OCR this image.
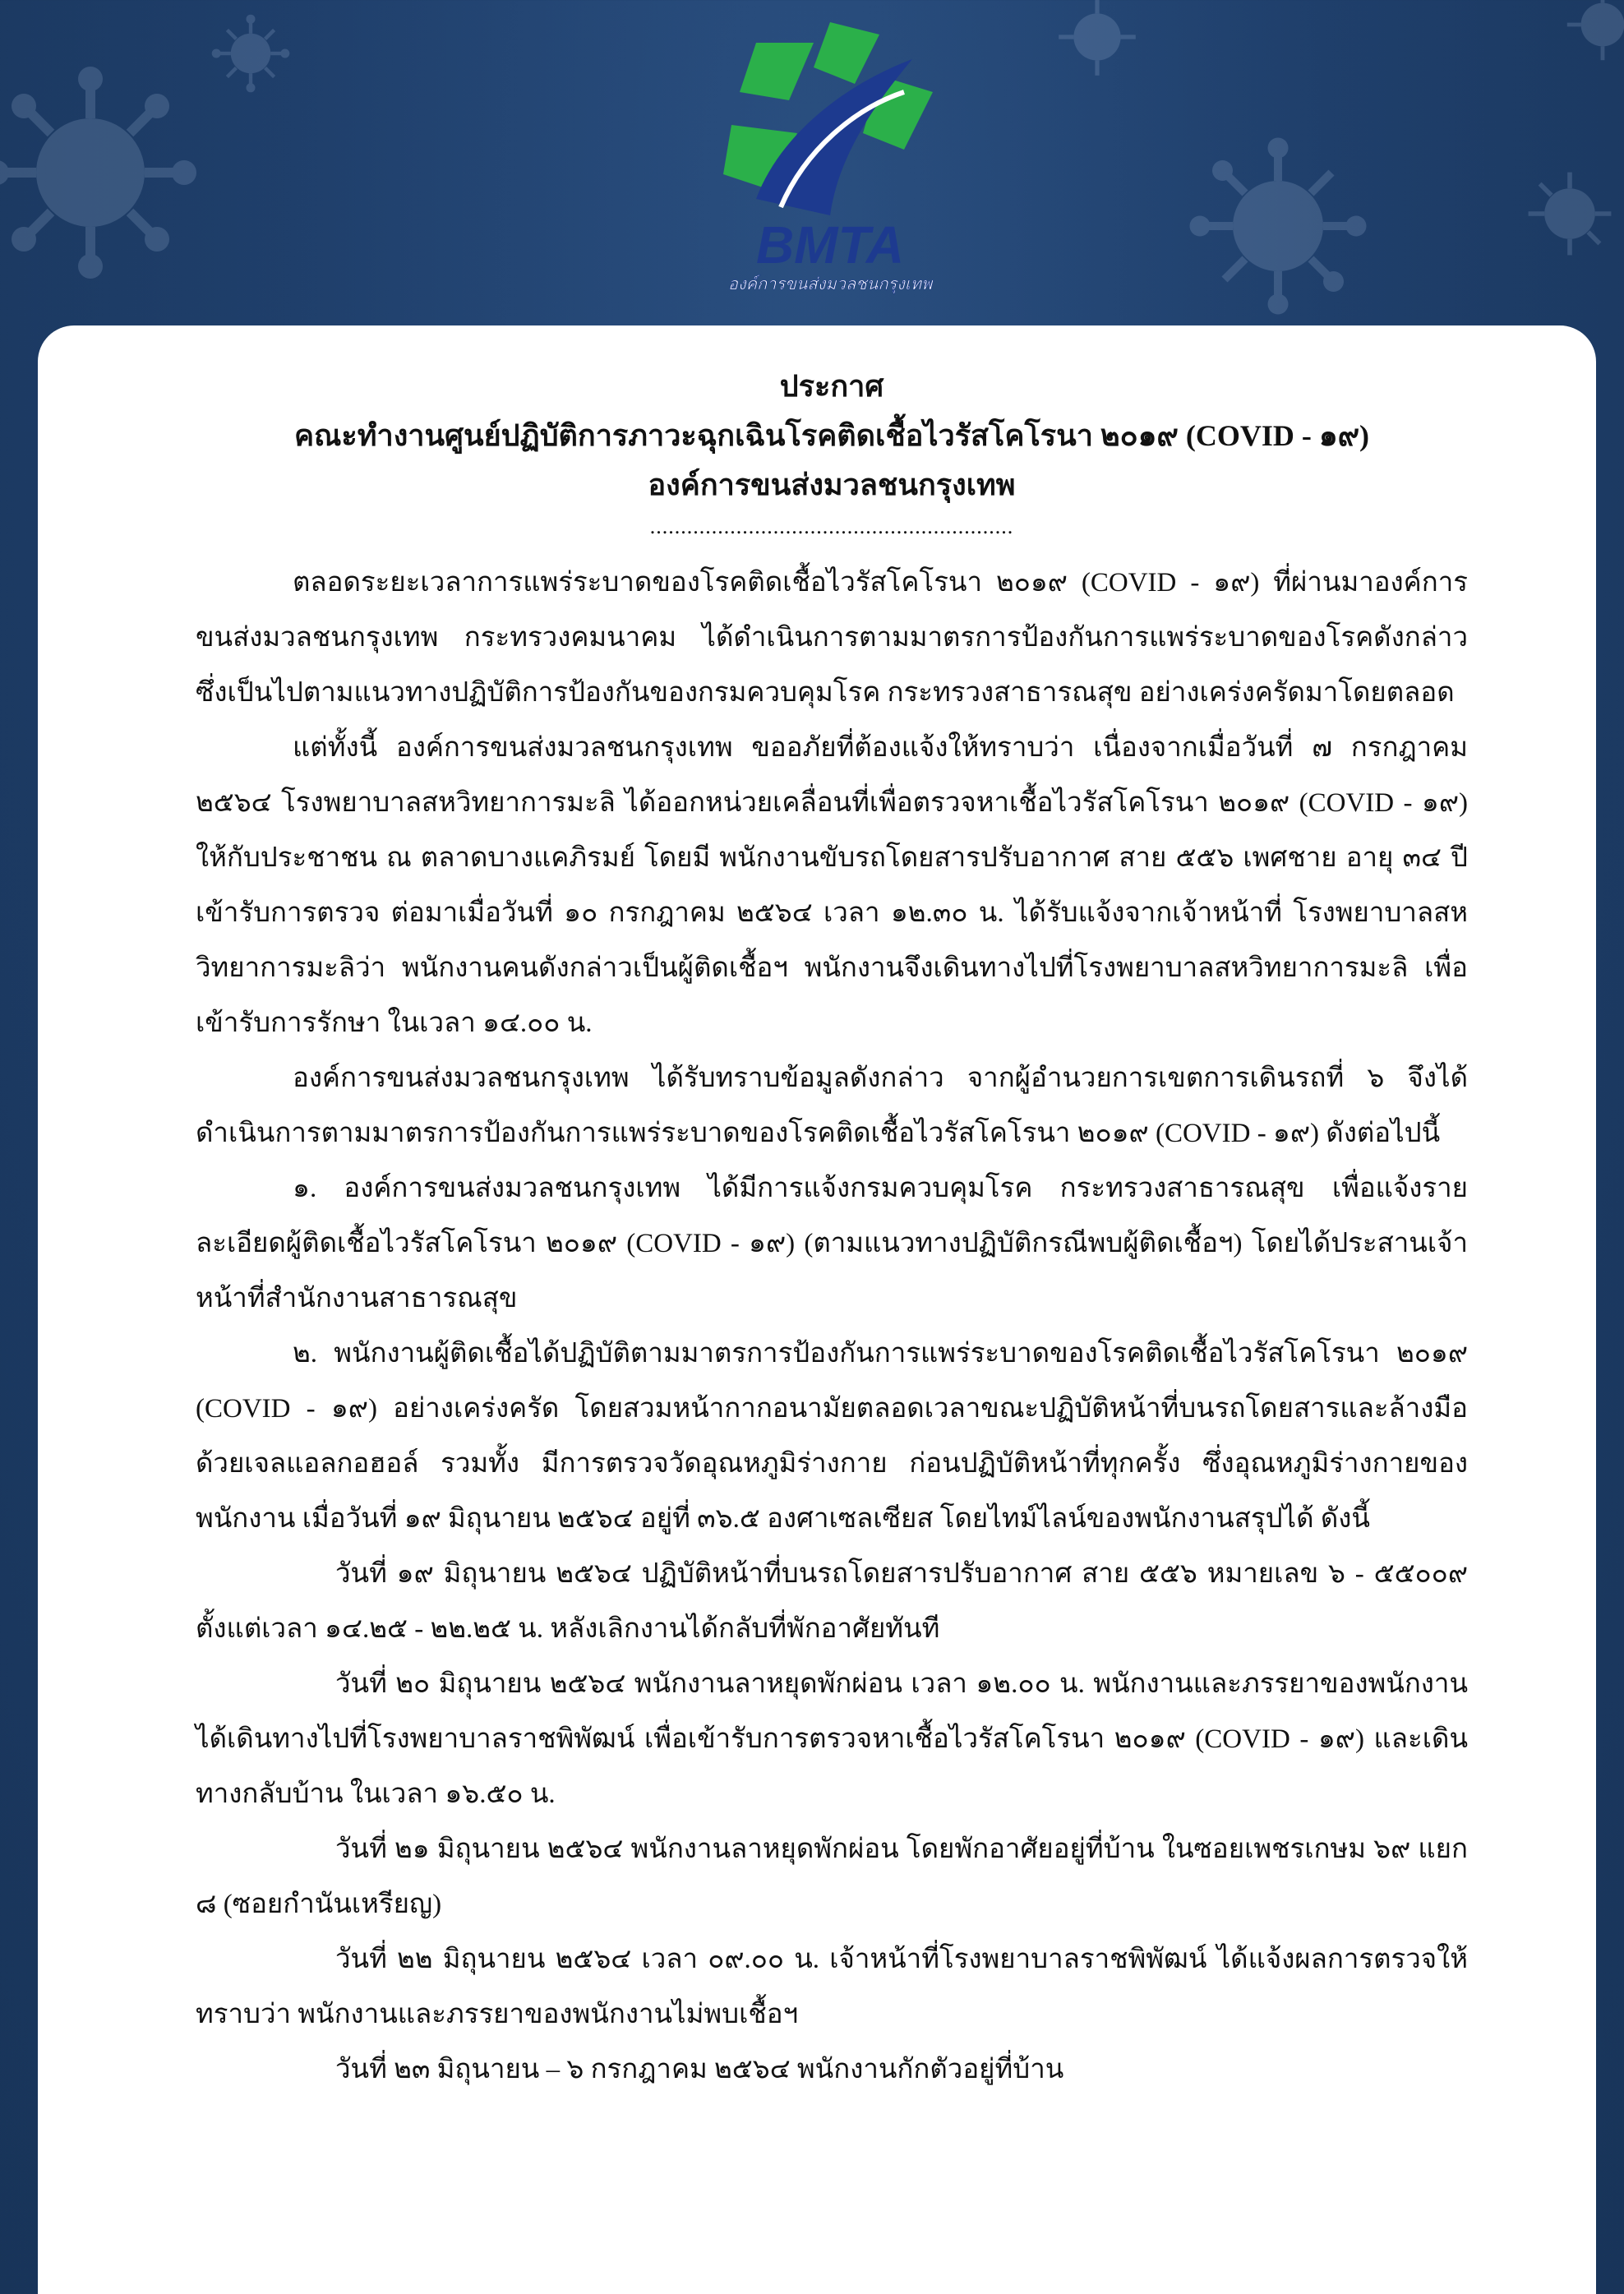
BMTA
องค์การขนส่งมวลชนกรุงเทพ

ประกาศ

คณะทำงานศูนย์ปฏิบัติการภาวะฉุกเฉินโรคติดเชื้อไวรัสโคโรนา ๒๐๑๙ (COVID - ๑๙)

องค์การขนส่งมวลชนกรุงเทพ

...........................................................

ตลอดระยะเวลาการแพร่ระบาดของโรคติดเชื้อไวรัสโคโรนา ๒๐๑๙ (COVID - ๑๙) ที่ผ่านมาองค์การขนส่งมวลชนกรุงเทพ กระทรวงคมนาคม ได้ดำเนินการตามมาตรการป้องกันการแพร่ระบาดของโรคดังกล่าว ซึ่งเป็นไปตามแนวทางปฏิบัติการป้องกันของกรมควบคุมโรค กระทรวงสาธารณสุข อย่างเคร่งครัดมาโดยตลอด

แต่ทั้งนี้ องค์การขนส่งมวลชนกรุงเทพ ขออภัยที่ต้องแจ้งให้ทราบว่า เนื่องจากเมื่อวันที่ ๗ กรกฎาคม ๒๕๖๔ โรงพยาบาลสหวิทยาการมะลิ ได้ออกหน่วยเคลื่อนที่เพื่อตรวจหาเชื้อไวรัสโคโรนา ๒๐๑๙ (COVID - ๑๙) ให้กับประชาชน ณ ตลาดบางแคภิรมย์ โดยมี พนักงานขับรถโดยสารปรับอากาศ สาย ๕๕๖ เพศชาย อายุ ๓๔ ปี เข้ารับการตรวจ ต่อมาเมื่อวันที่ ๑๐ กรกฎาคม ๒๕๖๔ เวลา ๑๒.๓๐ น. ได้รับแจ้งจากเจ้าหน้าที่ โรงพยาบาลสหวิทยาการมะลิว่า พนักงานคนดังกล่าวเป็นผู้ติดเชื้อฯ พนักงานจึงเดินทางไปที่โรงพยาบาลสหวิทยาการมะลิ เพื่อเข้ารับการรักษา ในเวลา ๑๔.๐๐ น.

องค์การขนส่งมวลชนกรุงเทพ ได้รับทราบข้อมูลดังกล่าว จากผู้อำนวยการเขตการเดินรถที่ ๖ จึงได้ดำเนินการตามมาตรการป้องกันการแพร่ระบาดของโรคติดเชื้อไวรัสโคโรนา ๒๐๑๙ (COVID - ๑๙) ดังต่อไปนี้

๑. องค์การขนส่งมวลชนกรุงเทพ ได้มีการแจ้งกรมควบคุมโรค กระทรวงสาธารณสุข เพื่อแจ้งรายละเอียดผู้ติดเชื้อไวรัสโคโรนา ๒๐๑๙ (COVID - ๑๙) (ตามแนวทางปฏิบัติกรณีพบผู้ติดเชื้อฯ) โดยได้ประสานเจ้าหน้าที่สำนักงานสาธารณสุข

๒. พนักงานผู้ติดเชื้อได้ปฏิบัติตามมาตรการป้องกันการแพร่ระบาดของโรคติดเชื้อไวรัสโคโรนา ๒๐๑๙ (COVID - ๑๙) อย่างเคร่งครัด โดยสวมหน้ากากอนามัยตลอดเวลาขณะปฏิบัติหน้าที่บนรถโดยสารและล้างมือด้วยเจลแอลกอฮอล์ รวมทั้ง มีการตรวจวัดอุณหภูมิร่างกาย ก่อนปฏิบัติหน้าที่ทุกครั้ง ซึ่งอุณหภูมิร่างกายของพนักงาน เมื่อวันที่ ๑๙ มิถุนายน ๒๕๖๔ อยู่ที่ ๓๖.๕ องศาเซลเซียส โดยไทม์ไลน์ของพนักงานสรุปได้ ดังนี้

วันที่ ๑๙ มิถุนายน ๒๕๖๔ ปฏิบัติหน้าที่บนรถโดยสารปรับอากาศ สาย ๕๕๖ หมายเลข ๖ - ๕๕๐๐๙ ตั้งแต่เวลา ๑๔.๒๕ - ๒๒.๒๕ น. หลังเลิกงานได้กลับที่พักอาศัยทันที

วันที่ ๒๐ มิถุนายน ๒๕๖๔ พนักงานลาหยุดพักผ่อน เวลา ๑๒.๐๐ น. พนักงานและภรรยาของพนักงาน ได้เดินทางไปที่โรงพยาบาลราชพิพัฒน์ เพื่อเข้ารับการตรวจหาเชื้อไวรัสโคโรนา ๒๐๑๙ (COVID - ๑๙) และเดินทางกลับบ้าน ในเวลา ๑๖.๕๐ น.

วันที่ ๒๑ มิถุนายน ๒๕๖๔ พนักงานลาหยุดพักผ่อน โดยพักอาศัยอยู่ที่บ้าน ในซอยเพชรเกษม ๖๙ แยก ๘ (ซอยกำนันเหรียญ)

วันที่ ๒๒ มิถุนายน ๒๕๖๔ เวลา ๐๙.๐๐ น. เจ้าหน้าที่โรงพยาบาลราชพิพัฒน์ ได้แจ้งผลการตรวจให้ทราบว่า พนักงานและภรรยาของพนักงานไม่พบเชื้อฯ

วันที่ ๒๓ มิถุนายน – ๖ กรกฎาคม ๒๕๖๔ พนักงานกักตัวอยู่ที่บ้าน
